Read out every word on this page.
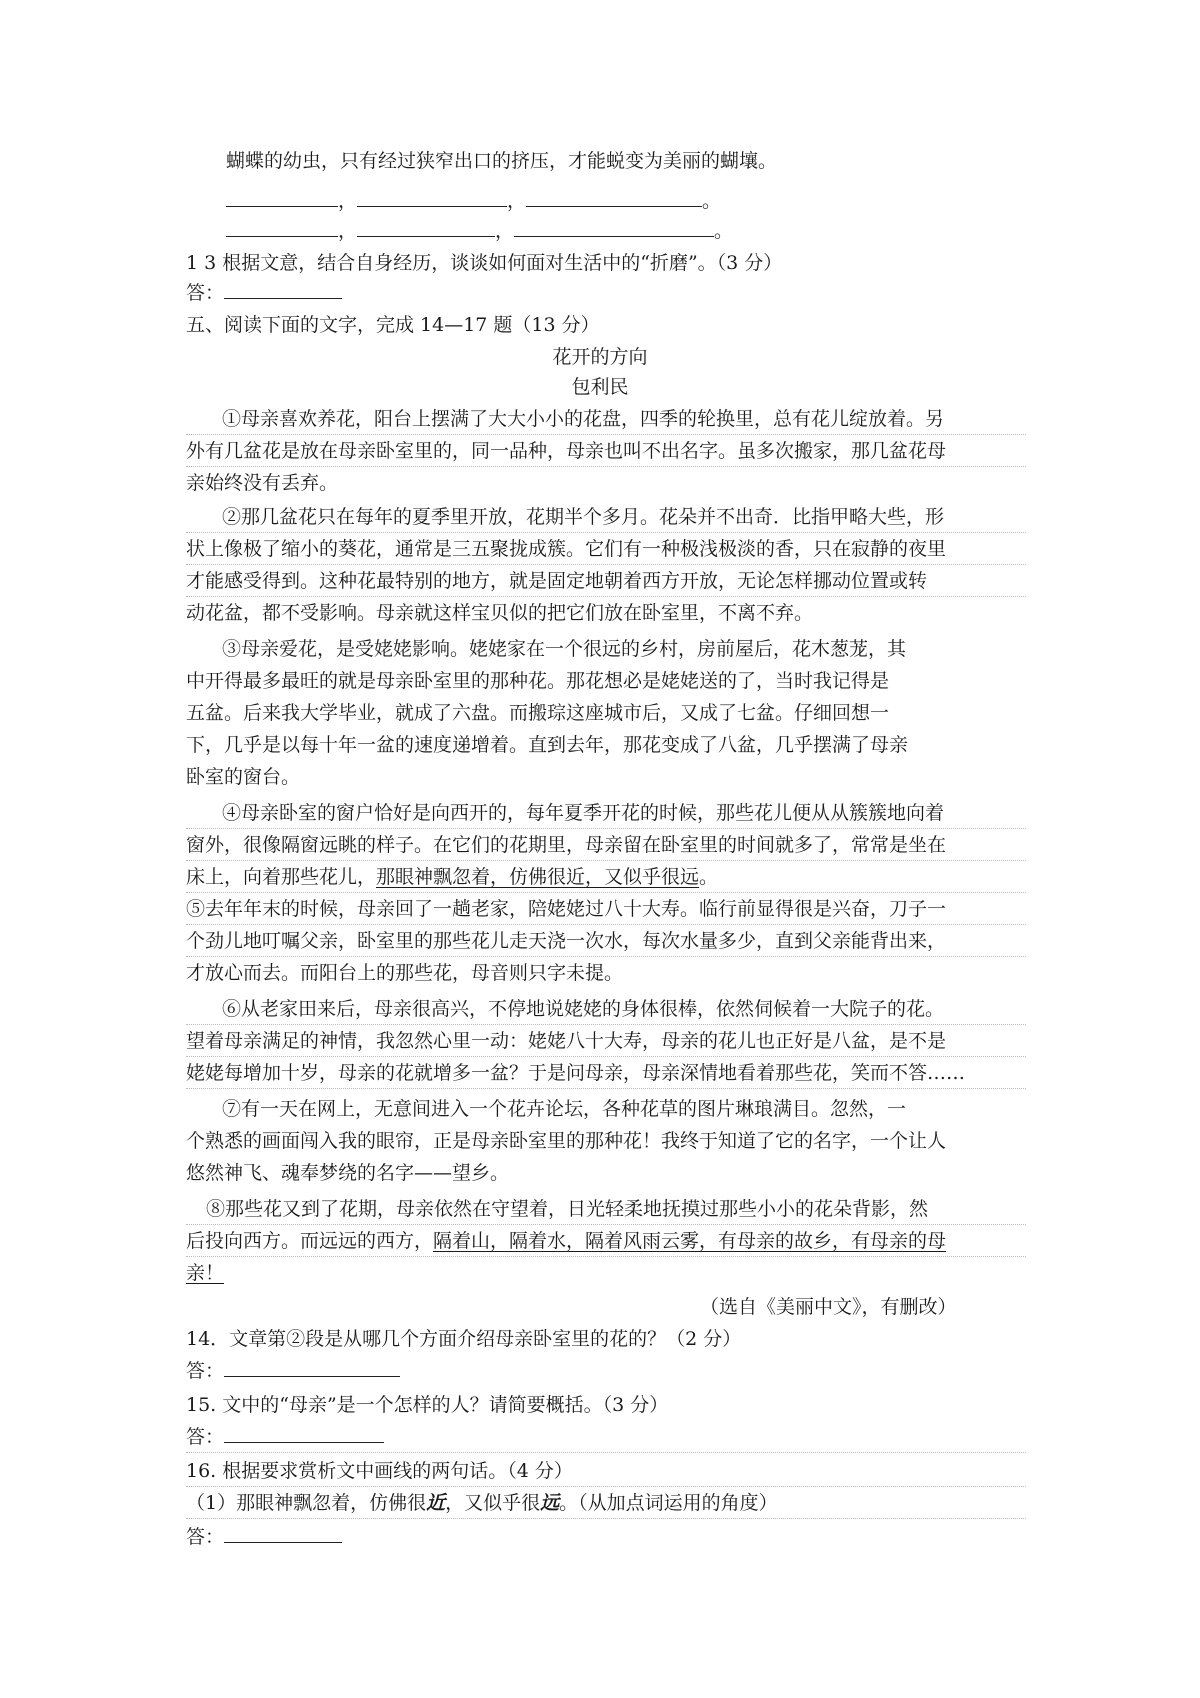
蝴蝶的幼虫，只有经过狭窄出口的挤压，才能蜕变为美丽的蝴壤。
，	，	。
，	，	。
1 3 根据文意，结合自身经历，谈谈如何面对生活中的“折磨”。（3 分）
答：
五、阅读下面的文字，完成 14—17 题（13 分）
花开的方向
包利民
①母亲喜欢养花，阳台上摆满了大大小小的花盘，四季的轮换里，总有花儿绽放着。另
外有几盆花是放在母亲卧室里的，同一品种，母亲也叫不出名字。虽多次搬家，那几盆花母
亲始终没有丢弃。
②那几盆花只在每年的夏季里开放，花期半个多月。花朵并不出奇．比指甲略大些，形
状上像极了缩小的葵花，通常是三五聚拢成簇。它们有一种极浅极淡的香，只在寂静的夜里
才能感受得到。这种花最特别的地方，就是固定地朝着西方开放，无论怎样挪动位置或转
动花盆，都不受影响。母亲就这样宝贝似的把它们放在卧室里，不离不弃。
③母亲爱花，是受姥姥影响。姥姥家在一个很远的乡村，房前屋后，花木葱茏，其
中开得最多最旺的就是母亲卧室里的那种花。那花想必是姥姥送的了，当时我记得是
五盆。后来我大学毕业，就成了六盘。而搬琮这座城市后，又成了七盆。仔细回想一
下，几乎是以每十年一盆的速度递增着。直到去年，那花变成了八盆，几乎摆满了母亲
卧室的窗台。
④母亲卧室的窗户恰好是向西开的，每年夏季开花的时候，那些花儿便从从簇簇地向着
窗外，很像隔窗远眺的样子。在它们的花期里，母亲留在卧室里的时间就多了，常常是坐在
床上，向着那些花儿，那眼神飘忽着，仿佛很近，又似乎很远。
⑤去年年末的时候，母亲回了一趟老家，陪姥姥过八十大寿。临行前显得很是兴奋，刀子一
个劲儿地叮嘱父亲，卧室里的那些花儿走天浇一次水，每次水量多少，直到父亲能背出来，
才放心而去。而阳台上的那些花，母音则只字未提。
⑥从老家田来后，母亲很高兴，不停地说姥姥的身体很棒，依然伺候着一大院子的花。
望着母亲满足的神情，我忽然心里一动：姥姥八十大寿，母亲的花儿也正好是八盆，是不是
姥姥每增加十岁，母亲的花就增多一盆？于是问母亲，母亲深情地看着那些花，笑而不答……
⑦有一天在网上，无意间进入一个花卉论坛，各种花草的图片琳琅满目。忽然，一
个熟悉的画面闯入我的眼帘，正是母亲卧室里的那种花！我终于知道了它的名字，一个让人
悠然神飞、魂奉梦绕的名字——望乡。
⑧那些花又到了花期，母亲依然在守望着，日光轻柔地抚摸过那些小小的花朵背影，然
后投向西方。而远远的西方，隔着山，隔着水，隔着风雨云雾，有母亲的故乡，有母亲的母
亲！
（选自《美丽中文》，有删改）
14．文章第②段是从哪几个方面介绍母亲卧室里的花的？（2 分）
答：
15. 文中的“母亲”是一个怎样的人？请简要概括。（3 分）
答：
16. 根据要求赏析文中画线的两句话。（4 分）
（1）那眼神飘忽着，仿佛很近，又似乎很远。（从加点词运用的角度）
答：
